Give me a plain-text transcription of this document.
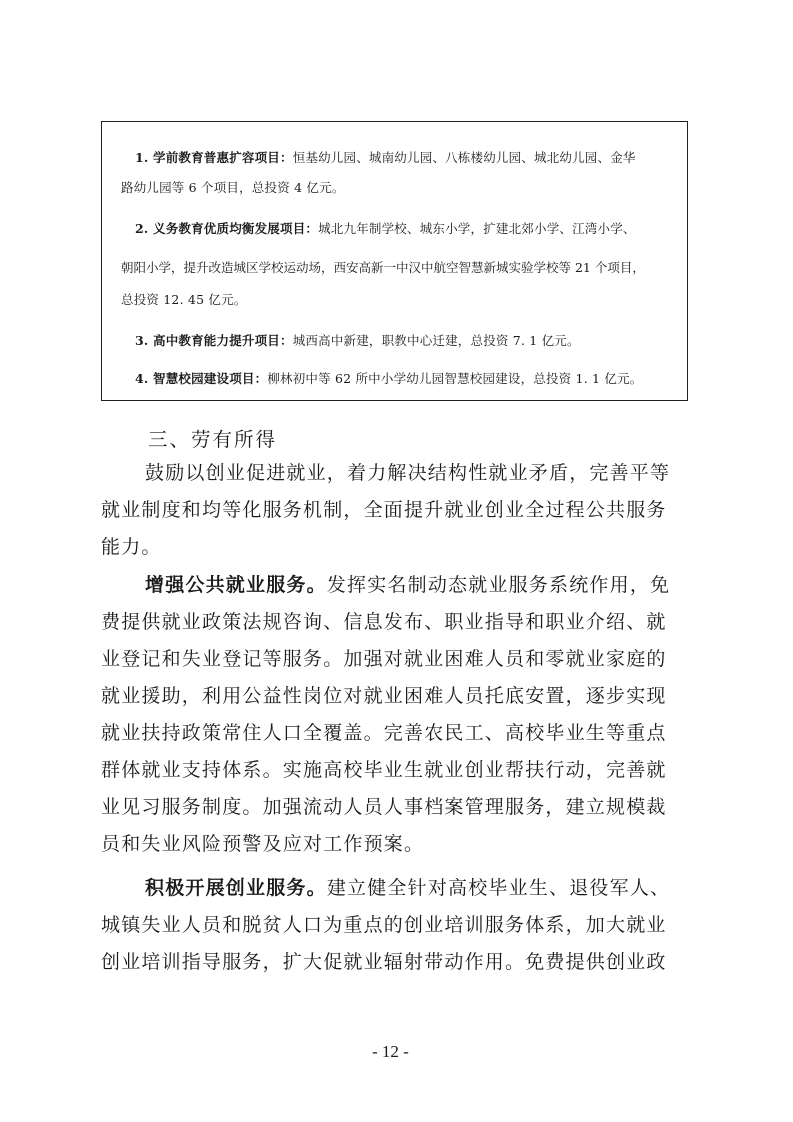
1. 学前教育普惠扩容项目：恒基幼儿园、城南幼儿园、八栋楼幼儿园、城北幼儿园、金华
路幼儿园等 6 个项目，总投资 4 亿元。
2. 义务教育优质均衡发展项目：城北九年制学校、城东小学，扩建北郊小学、江湾小学、
朝阳小学，提升改造城区学校运动场，西安高新一中汉中航空智慧新城实验学校等 21 个项目，
总投资 12. 45 亿元。
3. 高中教育能力提升项目：城西高中新建，职教中心迁建，总投资 7. 1 亿元。
4. 智慧校园建设项目：柳林初中等 62 所中小学幼儿园智慧校园建设，总投资 1. 1 亿元。
三、劳有所得
鼓励以创业促进就业，着力解决结构性就业矛盾，完善平等
就业制度和均等化服务机制，全面提升就业创业全过程公共服务
能力。
增强公共就业服务。发挥实名制动态就业服务系统作用，免
费提供就业政策法规咨询、信息发布、职业指导和职业介绍、就
业登记和失业登记等服务。加强对就业困难人员和零就业家庭的
就业援助，利用公益性岗位对就业困难人员托底安置，逐步实现
就业扶持政策常住人口全覆盖。完善农民工、高校毕业生等重点
群体就业支持体系。实施高校毕业生就业创业帮扶行动，完善就
业见习服务制度。加强流动人员人事档案管理服务，建立规模裁
员和失业风险预警及应对工作预案。
积极开展创业服务。建立健全针对高校毕业生、退役军人、
城镇失业人员和脱贫人口为重点的创业培训服务体系，加大就业
创业培训指导服务，扩大促就业辐射带动作用。免费提供创业政
- 12 -
